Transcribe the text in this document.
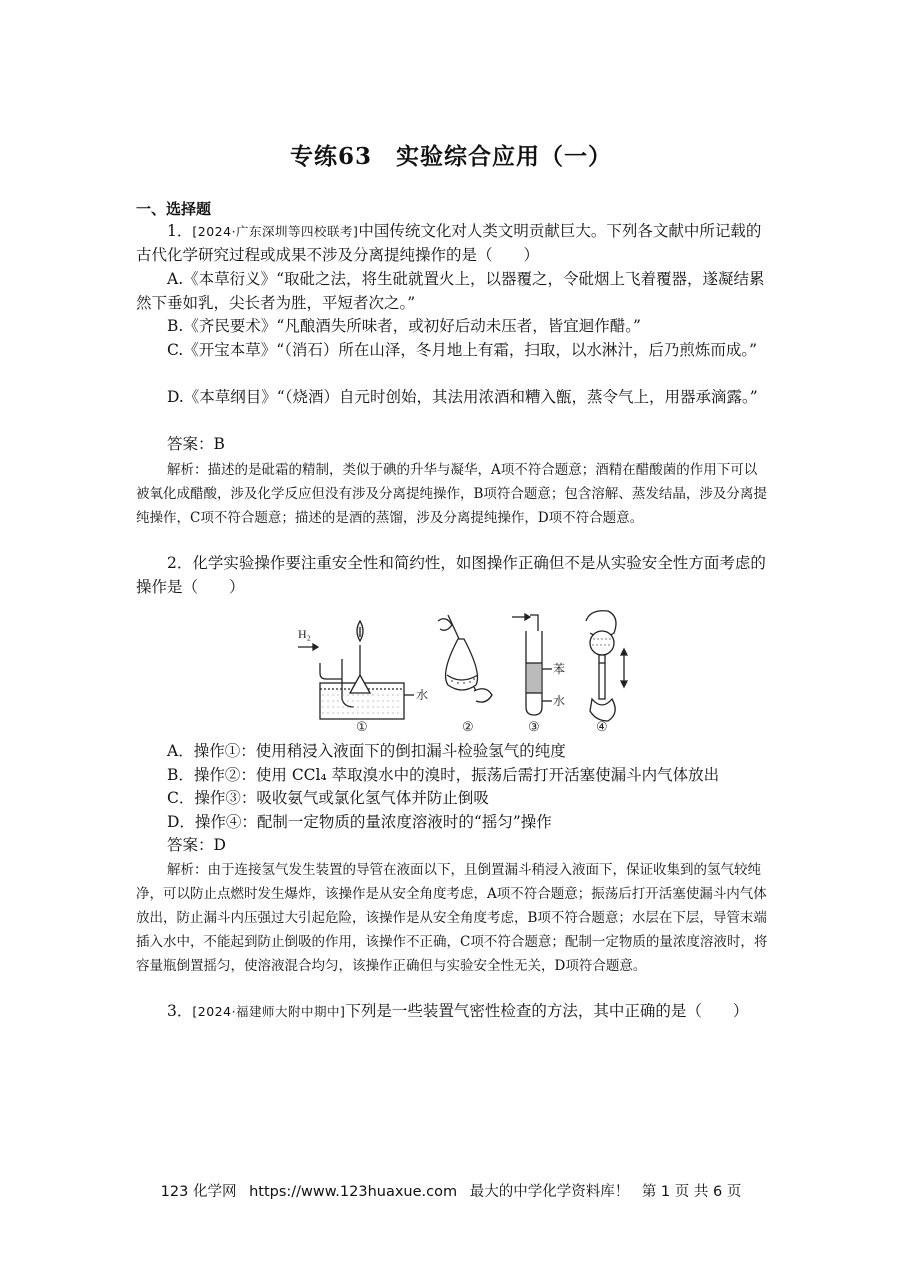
专练63　实验综合应用（一）
一、选择题
1．[2024·广东深圳等四校联考]中国传统文化对人类文明贡献巨大。下列各文献中所记载的古代化学研究过程或成果不涉及分离提纯操作的是（　　）
A.《本草衍义》“取砒之法，将生砒就置火上，以器覆之，令砒烟上飞着覆器，遂凝结累然下垂如乳，尖长者为胜，平短者次之。”
B.《齐民要术》“凡酿酒失所味者，或初好后动未压者，皆宜迴作醋。”
C.《开宝本草》“（消石）所在山泽，冬月地上有霜，扫取，以水淋汁，后乃煎炼而成。”
D.《本草纲目》“（烧酒）自元时创始，其法用浓酒和糟入甑，蒸令气上，用器承滴露。”
答案：B
解析：描述的是砒霜的精制，类似于碘的升华与凝华，A项不符合题意；酒精在醋酸菌的作用下可以被氧化成醋酸，涉及化学反应但没有涉及分离提纯操作，B项符合题意；包含溶解、蒸发结晶，涉及分离提纯操作，C项不符合题意；描述的是酒的蒸馏，涉及分离提纯操作，D项不符合题意。
2．化学实验操作要注重安全性和简约性，如图操作正确但不是从实验安全性方面考虑的操作是（　　）
H₂
水
①	②
苯
水
③	④
A．操作①：使用稍浸入液面下的倒扣漏斗检验氢气的纯度
B．操作②：使用 CCl₄ 萃取溴水中的溴时，振荡后需打开活塞使漏斗内气体放出
C．操作③：吸收氨气或氯化氢气体并防止倒吸
D．操作④：配制一定物质的量浓度溶液时的“摇匀”操作
答案：D
解析：由于连接氢气发生装置的导管在液面以下，且倒置漏斗稍浸入液面下，保证收集到的氢气较纯净，可以防止点燃时发生爆炸，该操作是从安全角度考虑，A项不符合题意；振荡后打开活塞使漏斗内气体放出，防止漏斗内压强过大引起危险，该操作是从安全角度考虑，B项不符合题意；水层在下层，导管末端插入水中，不能起到防止倒吸的作用，该操作不正确，C项不符合题意；配制一定物质的量浓度溶液时，将容量瓶倒置摇匀，使溶液混合均匀，该操作正确但与实验安全性无关，D项符合题意。
3．[2024·福建师大附中期中]下列是一些装置气密性检查的方法，其中正确的是（　　）
123 化学网 https://www.123huaxue.com 最大的中学化学资料库！ 第 1 页 共 6 页
